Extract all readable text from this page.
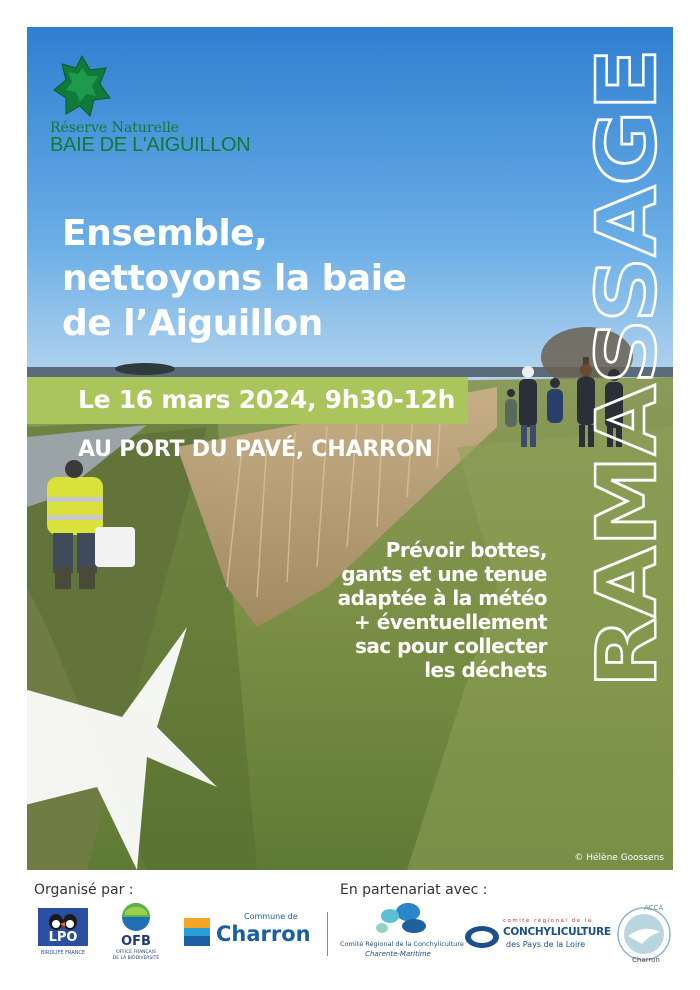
Réserve Naturelle
BAIE DE L'AIGUILLON
Ensemble,
nettoyons la baie
de l’Aiguillon
Le 16 mars 2024, 9h30-12h
AU PORT DU PAVÉ, CHARRON
Prévoir bottes,
gants et une tenue
adaptée à la météo
+ éventuellement
sac pour collecter
les déchets RAMASSAGE
© Hélène Goossens
Organisé par :	En partenariat avec :
LPO
BIRDLIFE FRANCE
OFB
OFFICE FRANÇAIS
DE LA BIODIVERSITÉ
Commune de
Charron	Comité Régional de la Conchyliculture
Charente-Maritime
comité régional de la
CONCHYLICULTURE
des Pays de la Loire
ACCA
Charron
